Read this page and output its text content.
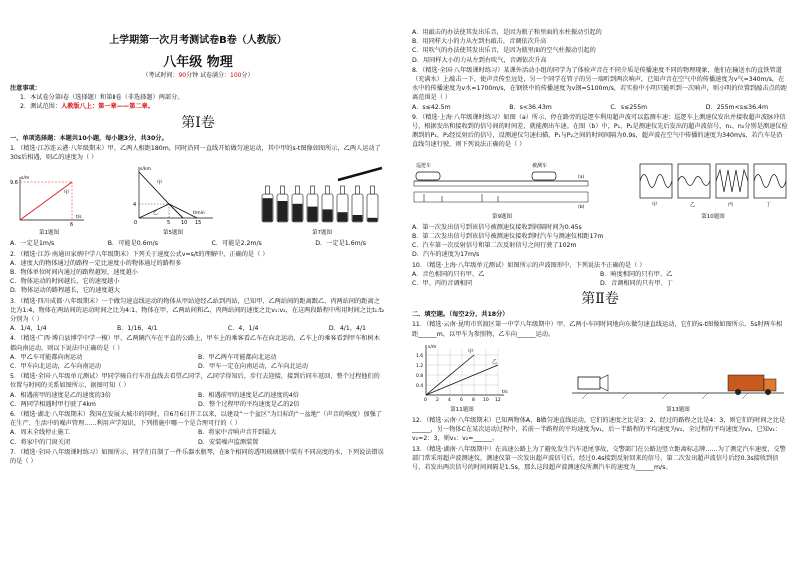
上学期第一次月考测试卷B卷（人教版）
八年级 物理
（考试时间：90分钟 试卷满分：100分）
注意事项：
1．本试卷分第Ⅰ卷（选择题）和第Ⅱ卷（非选择题）两部分。
2．测试范围：人教版八上：第一章——第二章。
第Ⅰ卷
一、单项选择题：本题共10小题，每小题3分，共30分。
1．（精选·江苏连云港·八年级期末）甲、乙两人相距180m，同时沿同一直线开始做匀速运动，其中甲的s-t图像如图所示，乙两人运动了30s后相遇，则乙的速度为（ ）
9.6
6
甲
s/m
t/s
第1题图
s/km
t/min
4
0	5 10 15
甲
乙
第5题图	第7题图
A．一定是1m/s	B．可能是0.6m/s	C．可能是2.2m/s	D．一定是1.6m/s
2．（精选·江苏·南通田家炳中学八年级期末）下列关于速度公式v=s/t的理解中，正确的是（ ）
A．速度大的物体通过的路程一定比速度小的物体通过的路程多
B．物体单位时间内通过的路程越短，速度越小
C．物体运动的时间越长，它的速度越小
D．物体运动的路程越长，它的速度越大
3．（精选·四川成都·八年级期末）一个做匀速直线运动的物体从甲站途经乙站到丙站，已知甲、乙两站间的距离跟乙、丙两站间的距离之比为1:4，物体在两站间的运动时间之比为4:1，物体在甲、乙两站间和乙、丙两站间的速度之比v₁:v₂，在这两段路程中所用时间之比t₁:t₂分别为（ ）
A．1/4，1/4	B．1/16，4/1	C．4，1/4	D．4/1，4/1
4．（精选·广西·博白县博学中学一模）甲、乙两辆汽车在平直的公路上，甲车上的乘客看乙车在向北运动，乙车上的乘客看到甲车和树木都向南运动，则以下说法中正确的是（ ）
A．甲乙车可能都向南运动	B．甲乙两车可能都向北运动
C．甲车向北运动，乙车向南运动	D．甲车一定在向南运动，乙车向北运动
5．（精选·全国·八年级单元测试）甲同学骑自行车沿直线去看望乙同学，乙同学得知后，步行去迎接，接到后同车返回，整个过程他们的位置与时间的关系如图所示，据图可知（ ）
A．相遇前甲的速度是乙的速度的3倍	B．相遇前甲的速度是乙的速度的4倍
C．两同学相遇时甲行驶了4km	D．整个过程甲的平均速度是乙的2倍
6．（精选·湖北·八年级期末）我国在发展大城市的同时，自6月6日开工以来，以建设“一个盆区”为目标的“一盆地”（声音的响度）加强了在生产、生活中的噪声管理……利用声学知识，下列措施中哪一个是合理可行的（ ）
A．周末全线停止施工	B．将家中音响声音开到最大
C．将家中的门窗关闭	D．安装噪声监测装置
7．（精选·全国·八年级课时练习）如图所示，同学们自制了一件乐器水瓶琴，在8个相同的透明玻璃瓶中装有不同高度的水，下列说法错误的是（ ）
A．用敲击的办法使其发出乐音，是因为瓶子和里面的水柱振动引起的
B．用同样大小的力从左到右敲击，音调依次升高
C．用吹气的办法使其发出乐音，是因为瓶里面的空气柱振动引起的
D．用同样大小的力从左到右吹气，音调依次升高
8．（精选·全国·八年级课时练习）某课外活动小组的同学为了体验声音在不同介质是传播速度不同的物理现象，他们在输送水的直铁管道（充满水）上敲击一下，使声音传至远处，另一个同学在管子的另一端听到两次响声，已知声音在空气中的传播速度为v气=340m/s，在水中的传播速度为v水=1700m/s，在钢铁中的传播速度为v钢=5100m/s，若实验中小明只能听到一次响声，则小明的位置到敲击点的距离范围是（ ）
A．s≤42.5m	B．s<36.43m	C．s≤255m	D．255m<s≤36.4m
9．（精选·上海·八年级课时练习）如图（a）所示，停在路旁的巡逻车利用超声波可以监测车速：巡逻车上测速仪发出并接收超声波脉冲信号，根据发出和接收到的信号间的时间差，就能测出车速。在图（b）中，P₁、P₂是测速仪先后发出的超声波信号，n₁、n₂分别是测速仪检测到的P₁、P₂经反射后的信号，设测速仪匀速扫描，P₁与P₂之间的时间间隔为0.9s，超声波在空气中传播的速度为340m/s，若汽车是沿直线匀速行驶，则下列说法正确的是（ ）
巡逻车	被测车
(a)
(b)
第9题图
甲	乙	丙	丁
第10题图
A．第一次发出信号到该信号被测速仪接收到间隔时间为0.45s
B．第二次发出信号到该信号被测速仪接收到时汽车与测速仪相距17m
C．汽车第一次反射信号和第二次反射信号之间行驶了102m
D．汽车的速度为17m/s
10．（精选·上海·八年级单元测试）如图所示的声波图形中，下列说法不正确的是（ ）
A．音色相同的只有甲、乙	B．响度相同的只有甲、乙
C．甲、丙的音调相同	D．音调相同的只有甲、丁
第Ⅱ卷
二、填空题。（每空2分，共18分）
11．（精选·云南·昆明市官渡区第一中学八年级期中）甲、乙两小车同时同地向东做匀速直线运动，它们的s-t图像如图所示。5s时两车相距______m，以甲车为参照物，乙车向______运动。
1.6
1.2
0.8
0.4
0 2 4 6 8 10 12
s/m
t/s
甲
乙
第11题图	第13题图
12．（精选·云南·八年级期末）已知两物体A、B做匀速直线运动，它们的速度之比是3：2，经过的路程之比是4：3，则它们的时间之比是______，另一物体C在某次运动过程中，若前一半路程的平均速度为v₁，后一半路程的平均速度为v₂，全过程的平均速度为v₃，已知v₁：v₂=2：3，则v₃：v₂=______。
13．（精选·湖南·八年级期中）在高速公路上为了避免发生汽车追尾事故，交警部门在公路边竖立距离标志牌……为了测定汽车速度，交警部门常采用超声波测速仪，测速仪第一次发出超声波信号后，经过0.4s接到反射回来的信号，第二次发出超声波信号后经0.3s接收到信号，若发出两次信号的时间间隔是1.5s，那么这段超声波测速仪所测汽车的速度为______m/s。
